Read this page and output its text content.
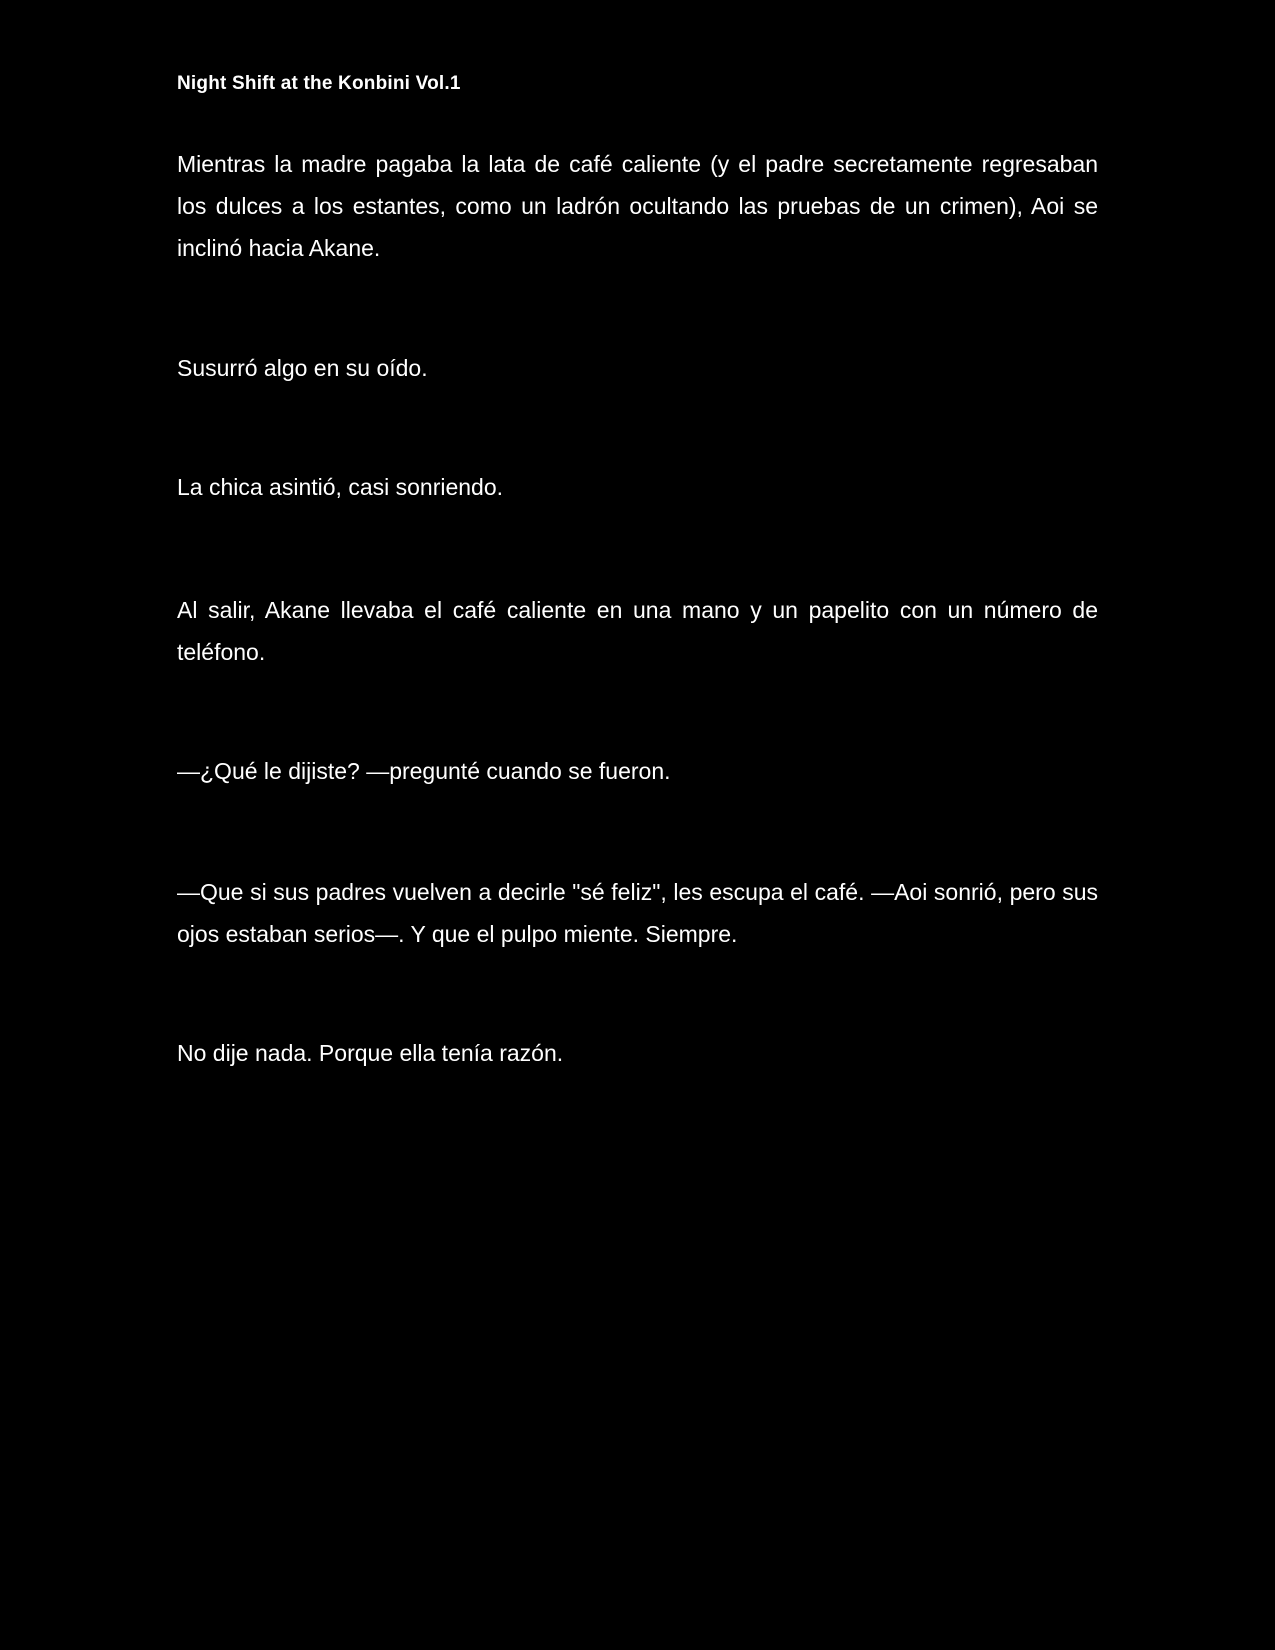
Night Shift at the Konbini Vol.1

Mientras la madre pagaba la lata de café caliente (y el padre secretamente regresaban los dulces a los estantes, como un ladrón ocultando las pruebas de un crimen), Aoi se inclinó hacia Akane.

Susurró algo en su oído.

La chica asintió, casi sonriendo.

Al salir, Akane llevaba el café caliente en una mano y un papelito con un número de teléfono.

—¿Qué le dijiste? —pregunté cuando se fueron.

—Que si sus padres vuelven a decirle "sé feliz", les escupa el café. —Aoi sonrió, pero sus ojos estaban serios—. Y que el pulpo miente. Siempre.

No dije nada. Porque ella tenía razón.
